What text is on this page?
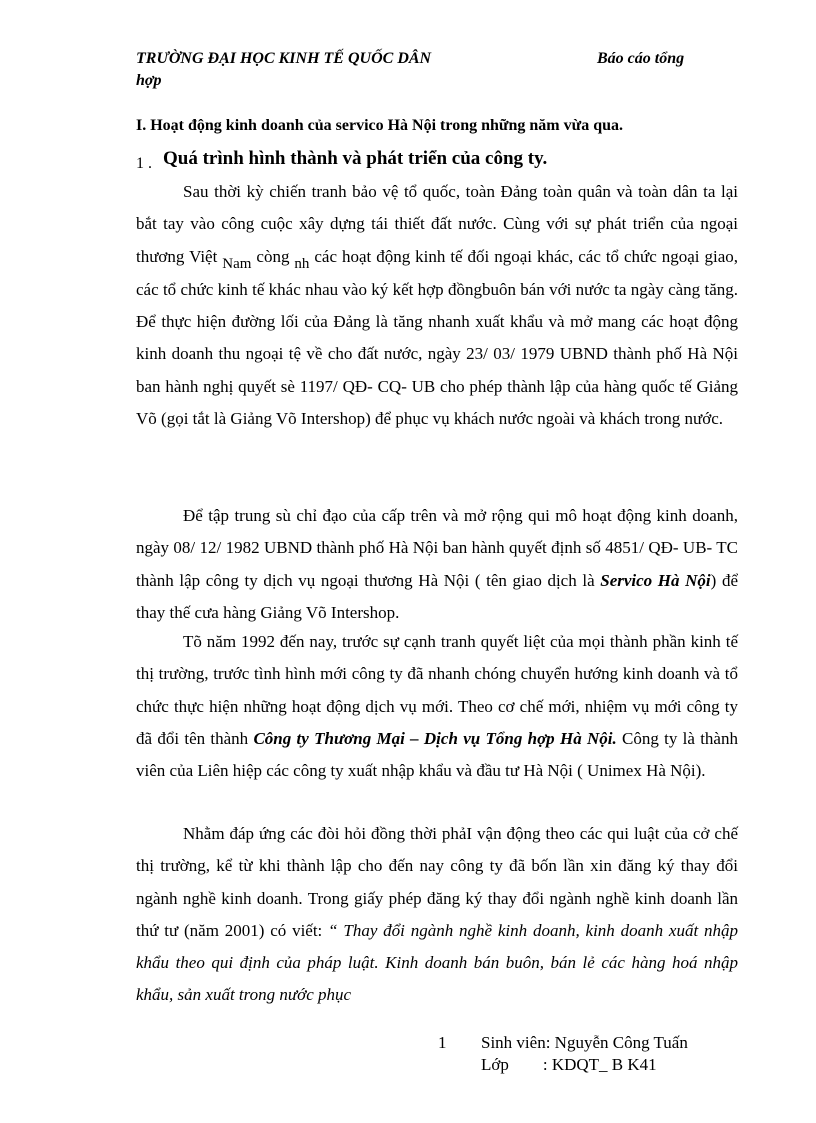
TRƯỜNG ĐẠI HỌC KINH TẾ QUỐC DÂN	Báo cáo tổng
hợp
I. Hoạt động kinh doanh của servico Hà Nội trong những năm vừa qua.
1 . Quá trình hình thành và phát triển của công ty.

Sau thời kỳ chiến tranh bảo vệ tổ quốc, toàn Đảng toàn quân và toàn dân ta lại bắt tay vào công cuộc xây dựng tái thiết đất nước. Cùng với sự phát triển của ngoại thương Việt Nam còng nh các hoạt động kinh tế đối ngoại khác, các tổ chức ngoại giao, các tổ chức kinh tế khác nhau vào ký kết hợp đồngbuôn bán với nước ta ngày càng tăng. Để thực hiện đường lối của Đảng là tăng nhanh xuất khẩu và mở mang các hoạt động kinh doanh thu ngoại tệ về cho đất nước, ngày 23/ 03/ 1979 UBND thành phố Hà Nội ban hành nghị quyết sè 1197/ QĐ- CQ- UB cho phép thành lập của hàng quốc tế Giảng Võ (gọi tắt là Giảng Võ Intershop) để phục vụ khách nước ngoài và khách trong nước.

Để tập trung sù chỉ đạo của cấp trên và mở rộng qui mô hoạt động kinh doanh, ngày 08/ 12/ 1982 UBND thành phố Hà Nội ban hành quyết định số 4851/ QĐ- UB- TC thành lập công ty dịch vụ ngoại thương Hà Nội ( tên giao dịch là Servico Hà Nội) để thay thế cưa hàng Giảng Võ Intershop.

Tõ năm 1992 đến nay, trước sự cạnh tranh quyết liệt của mọi thành phần kinh tế thị trường, trước tình hình mới công ty đã nhanh chóng chuyển hướng kinh doanh và tổ chức thực hiện những hoạt động dịch vụ mới. Theo cơ chế mới, nhiệm vụ mới công ty đã đổi tên thành Công ty Thương Mại – Dịch vụ Tổng hợp Hà Nội. Công ty là thành viên của Liên hiệp các công ty xuất nhập khẩu và đầu tư Hà Nội ( Unimex Hà Nội).

Nhằm đáp ứng các đòi hỏi đồng thời phảI vận động theo các qui luật của cở chế thị trường, kể từ khi thành lập cho đến nay công ty đã bốn lần xin đăng ký thay đổi ngành nghề kinh doanh. Trong giấy phép đăng ký thay đổi ngành nghề kinh doanh lần thứ tư (năm 2001) có viết: “ Thay đổi ngành nghề kinh doanh, kinh doanh xuất nhập khẩu theo qui định của pháp luật. Kinh doanh bán buôn, bán lẻ các hàng hoá nhập khẩu, sản xuất trong nước phục

1 Sinh viên: Nguyễn Công Tuấn
Lớp        : KDQT_ B K41
